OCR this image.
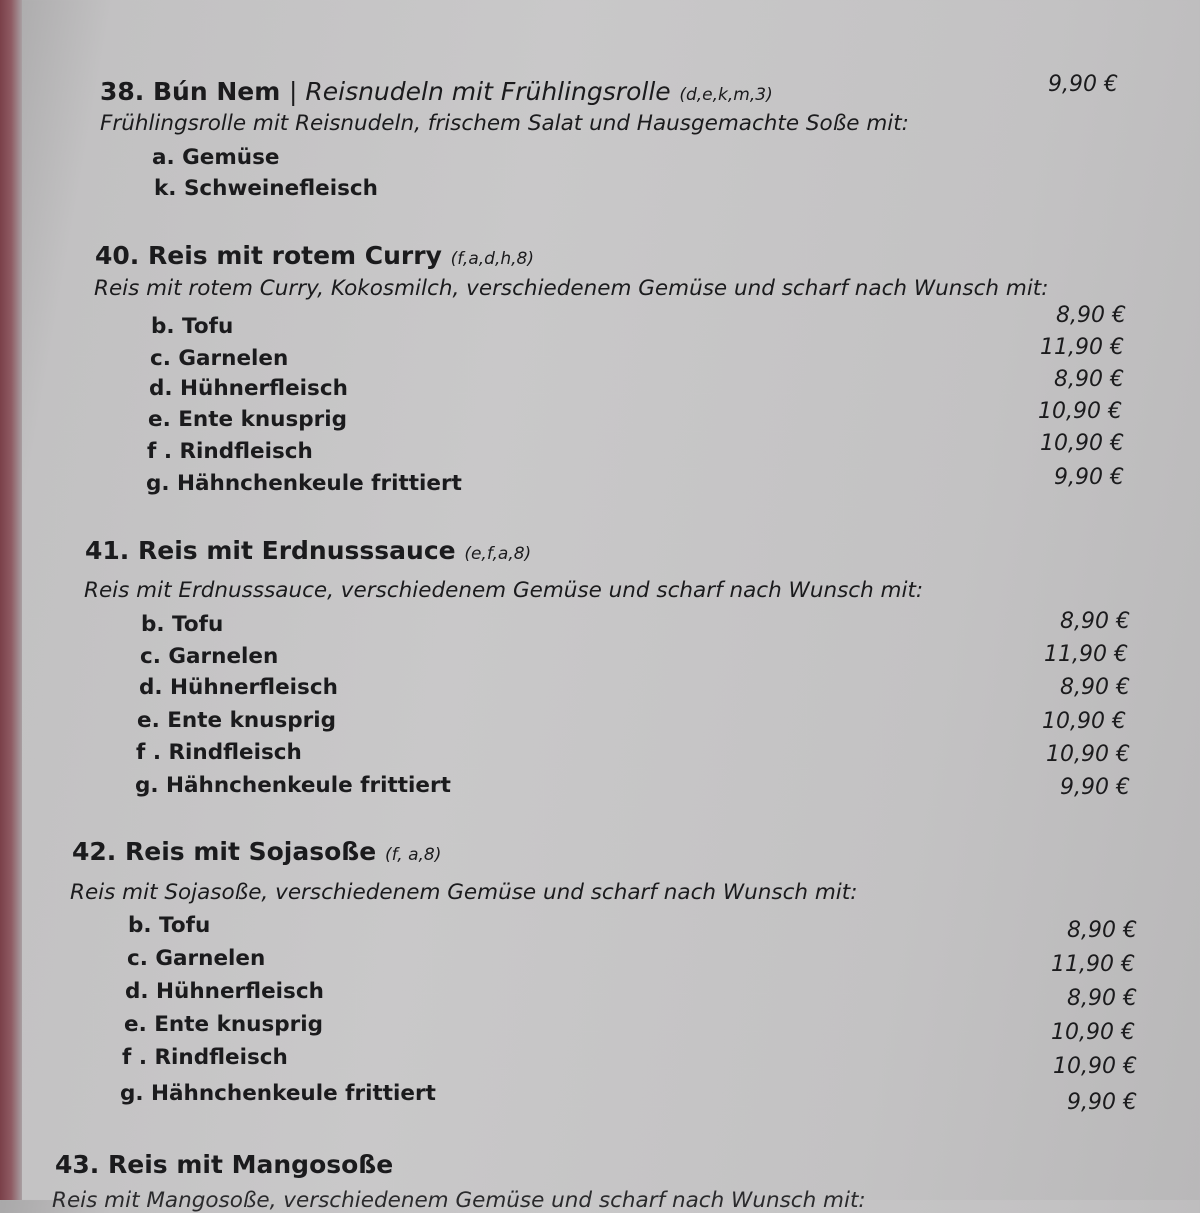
38. Bún Nem | Reisnudeln mit Frühlingsrolle (d,e,k,m,3)	9,90 €
Frühlingsrolle mit Reisnudeln, frischem Salat und Hausgemachte Soße mit:
a. Gemüse
k. Schweinefleisch
40. Reis mit rotem Curry (f,a,d,h,8)
Reis mit rotem Curry, Kokosmilch, verschiedenem Gemüse und scharf nach Wunsch mit:
b. Tofu	8,90 €
c. Garnelen	11,90 €
d. Hühnerfleisch	8,90 €
e. Ente knusprig	10,90 €
f . Rindfleisch	10,90 €
g. Hähnchenkeule frittiert	9,90 €
41. Reis mit Erdnusssauce (e,f,a,8)
Reis mit Erdnusssauce, verschiedenem Gemüse und scharf nach Wunsch mit:
b. Tofu	8,90 €
c. Garnelen	11,90 €
d. Hühnerfleisch	8,90 €
e. Ente knusprig	10,90 €
f . Rindfleisch	10,90 €
g. Hähnchenkeule frittiert	9,90 €
42. Reis mit Sojasoße (f, a,8)
Reis mit Sojasoße, verschiedenem Gemüse und scharf nach Wunsch mit:
b. Tofu	8,90 €
c. Garnelen	11,90 €
d. Hühnerfleisch	8,90 €
e. Ente knusprig	10,90 €
f . Rindfleisch	10,90 €
g. Hähnchenkeule frittiert	9,90 €
43. Reis mit Mangosoße
Reis mit Mangosoße, verschiedenem Gemüse und scharf nach Wunsch mit:
